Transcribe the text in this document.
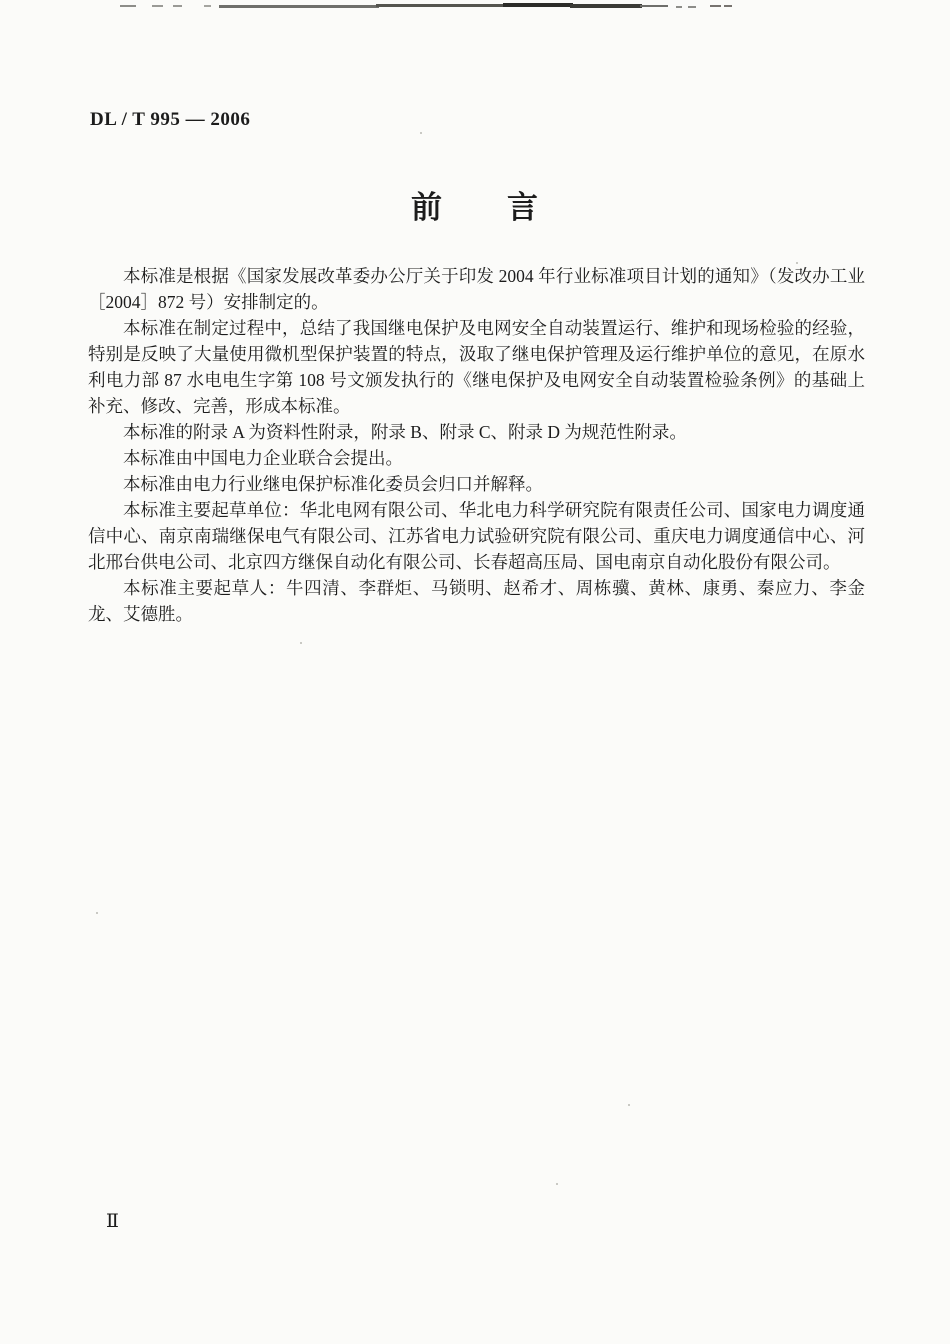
DL / T 995 — 2006
前　　言

本标准是根据《国家发展改革委办公厅关于印发 2004 年行业标准项目计划的通知》（发改办工业［2004］872 号）安排制定的。

本标准在制定过程中，总结了我国继电保护及电网安全自动装置运行、维护和现场检验的经验，特别是反映了大量使用微机型保护装置的特点，汲取了继电保护管理及运行维护单位的意见，在原水利电力部 87 水电电生字第 108 号文颁发执行的《继电保护及电网安全自动装置检验条例》的基础上补充、修改、完善，形成本标准。

本标准的附录 A 为资料性附录，附录 B、附录 C、附录 D 为规范性附录。

本标准由中国电力企业联合会提出。

本标准由电力行业继电保护标准化委员会归口并解释。

本标准主要起草单位：华北电网有限公司、华北电力科学研究院有限责任公司、国家电力调度通信中心、南京南瑞继保电气有限公司、江苏省电力试验研究院有限公司、重庆电力调度通信中心、河北邢台供电公司、北京四方继保自动化有限公司、长春超高压局、国电南京自动化股份有限公司。

本标准主要起草人：牛四清、李群炬、马锁明、赵希才、周栋骥、黄林、康勇、秦应力、李金龙、艾德胜。

Ⅱ
